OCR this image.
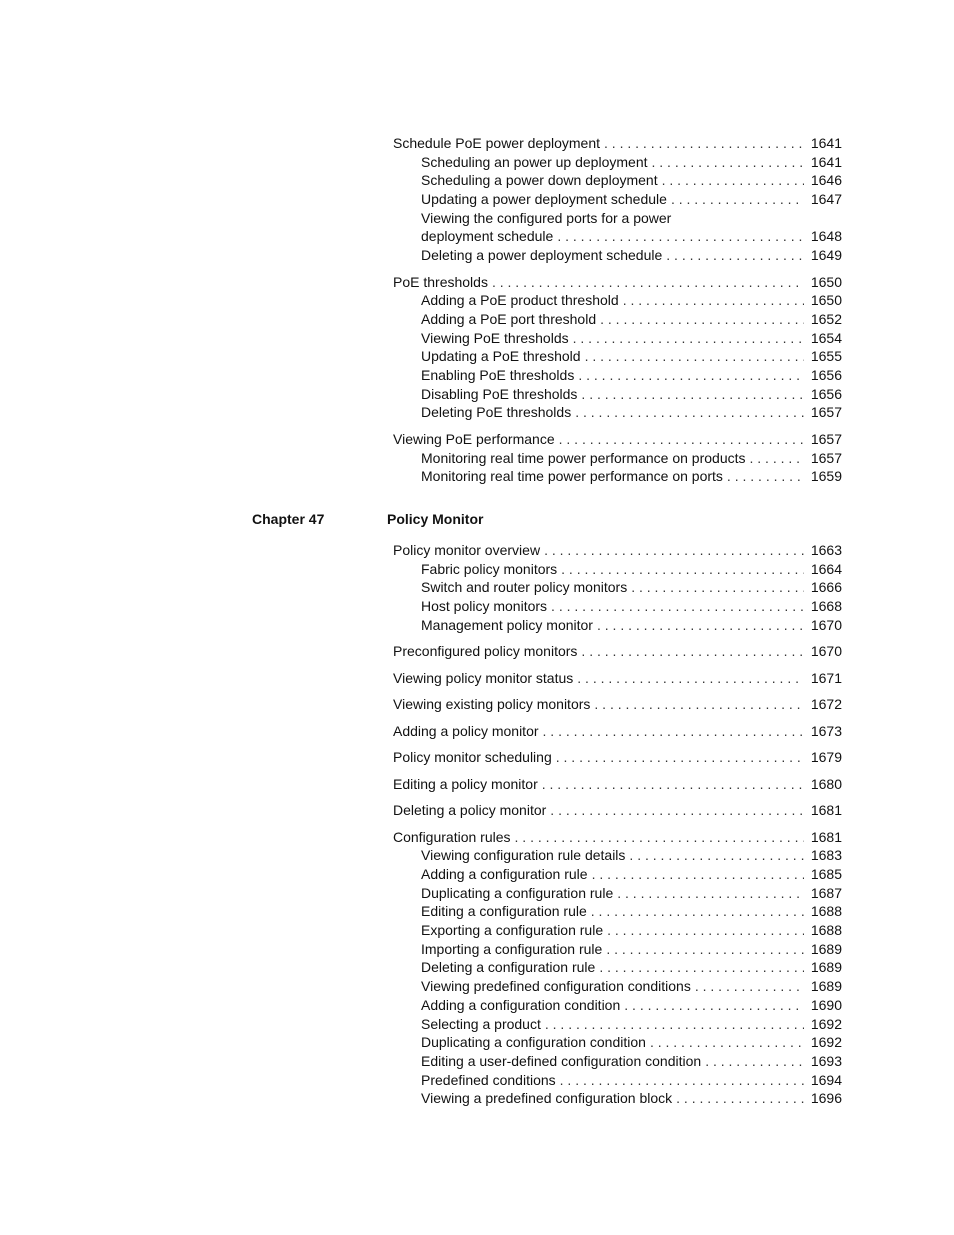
Schedule PoE power deployment . . .	1641
Scheduling an power up deployment . . .	1641
Scheduling a power down deployment . . .	1646
Updating a power deployment schedule . . .	1647
Viewing the configured ports for a power
deployment schedule . . .	1648
Deleting a power deployment schedule . . .	1649
PoE thresholds . . .	1650
Adding a PoE product threshold . . .	1650
Adding a PoE port threshold . . .	1652
Viewing PoE thresholds . . .	1654
Updating a PoE threshold . . .	1655
Enabling PoE thresholds . . .	1656
Disabling PoE thresholds . . .	1656
Deleting PoE thresholds . . .	1657
Viewing PoE performance . . .	1657
Monitoring real time power performance on products . . .	1657
Monitoring real time power performance on ports . . .	1659
Chapter 47	Policy Monitor
Policy monitor overview . . .	1663
Fabric policy monitors . . .	1664
Switch and router policy monitors . . .	1666
Host policy monitors . . .	1668
Management policy monitor . . .	1670
Preconfigured policy monitors . . .	1670
Viewing policy monitor status . . .	1671
Viewing existing policy monitors . . .	1672
Adding a policy monitor . . .	1673
Policy monitor scheduling . . .	1679
Editing a policy monitor . . .	1680
Deleting a policy monitor . . .	1681
Configuration rules . . .	1681
Viewing configuration rule details . . .	1683
Adding a configuration rule . . .	1685
Duplicating a configuration rule . . .	1687
Editing a configuration rule . . .	1688
Exporting a configuration rule . . .	1688
Importing a configuration rule . . .	1689
Deleting a configuration rule . . .	1689
Viewing predefined configuration conditions . . .	1689
Adding a configuration condition . . .	1690
Selecting a product . . .	1692
Duplicating a configuration condition . . .	1692
Editing a user-defined configuration condition . . .	1693
Predefined conditions . . .	1694
Viewing a predefined configuration block . . .	1696
